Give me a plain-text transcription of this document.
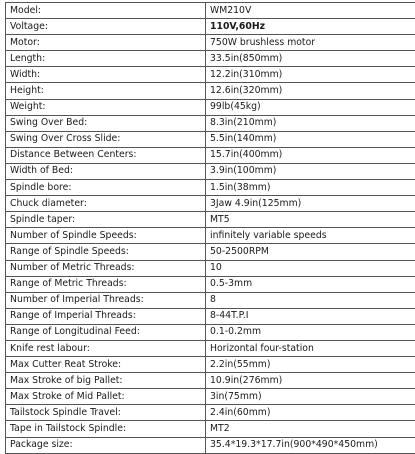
Model:	WM210V
Voltage:	110V,60Hz
Motor:	750W brushless motor
Length:	33.5in(850mm)
Width:	12.2in(310mm)
Height:	12.6in(320mm)
Weight:	99lb(45kg)
Swing Over Bed:	8.3in(210mm)
Swing Over Cross Slide:	5.5in(140mm)
Distance Between Centers:	15.7in(400mm)
Width of Bed:	3.9in(100mm)
Spindle bore:	1.5in(38mm)
Chuck diameter:	3Jaw 4.9in(125mm)
Spindle taper:	MT5
Number of Spindle Speeds:	infinitely variable speeds
Range of Spindle Speeds:	50-2500RPM
Number of Metric Threads:	10
Range of Metric Threads:	0.5-3mm
Number of Imperial Threads:	8
Range of Imperial Threads:	8-44T.P.I
Range of Longitudinal Feed:	0.1-0.2mm
Knife rest labour:	Horizontal four-station
Max Cutter Reat Stroke:	2.2in(55mm)
Max Stroke of big Pallet:	10.9in(276mm)
Max Stroke of Mid Pallet:	3in(75mm)
Tailstock Spindle Travel:	2.4in(60mm)
Tape in Tailstock Spindle:	MT2
Package size:	35.4*19.3*17.7in(900*490*450mm)
